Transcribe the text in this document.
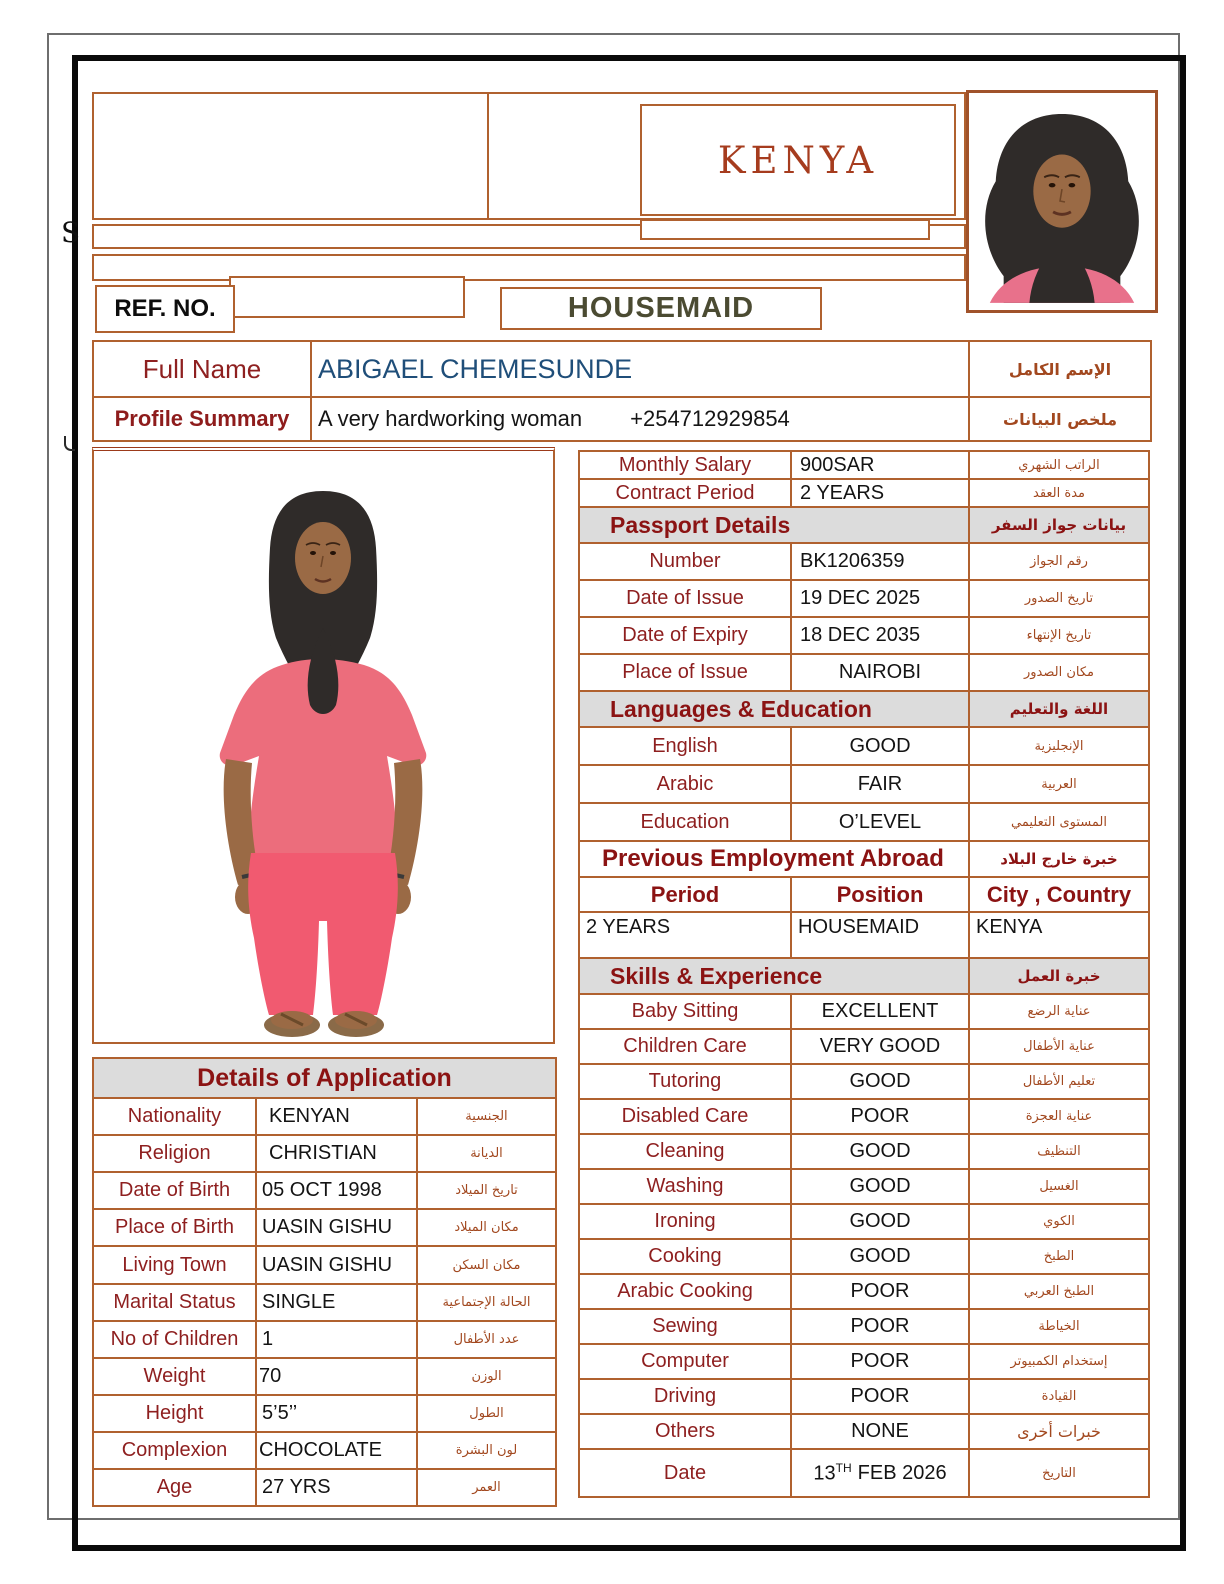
S
KENYA
REF. NO.	HOUSEMAID
Full Name	ABIGAEL CHEMESUNDE	الإسم الكامل
Profile Summary	A very hardworking woman +254712929854	ملخص البيانات
Monthly Salary	900SAR	الراتب الشهري
Contract Period	2 YEARS	مدة العقد
Passport Details		بيانات جواز السفر
Number	BK1206359	رقم الجواز
Date of Issue	19 DEC 2025	تاريخ الصدور
Date of Expiry	18 DEC 2035	تاريخ الإنتهاء
Place of Issue	NAIROBI	مكان الصدور
Languages & Education		اللغة والتعليم
English	GOOD	الإنجليزية
Arabic	FAIR	العربية
Education	O’LEVEL	المستوى التعليمي
Previous Employment Abroad		خبرة خارج البلاد
Period	Position	City , Country
2 YEARS	HOUSEMAID	KENYA
Skills & Experience		خبرة العمل
Baby Sitting	EXCELLENT	عناية الرضع
Children Care	VERY GOOD	عناية الأطفال
Tutoring	GOOD	تعليم الأطفال
Disabled Care	POOR	عناية العجزة
Cleaning	GOOD	التنظيف
Washing	GOOD	الغسيل
Ironing	GOOD	الكوي
Cooking	GOOD	الطبخ
Arabic Cooking	POOR	الطبخ العربي
Sewing	POOR	الخياطة
Computer	POOR	إستخدام الكمبيوتر
Driving	POOR	القيادة
Others	NONE	خبرات أخرى
Date	13TH FEB 2026	التاريخ
Details of Application		
Nationality	KENYAN	الجنسية
Religion	CHRISTIAN	الديانة
Date of Birth	05 OCT 1998	تاريخ الميلاد
Place of Birth	UASIN GISHU	مكان الميلاد
Living Town	UASIN GISHU	مكان السكن
Marital Status	SINGLE	الحالة الإجتماعية
No of Children	1	عدد الأطفال
Weight	70	الوزن
Height	5’5’’	الطول
Complexion	CHOCOLATE	لون البشرة
Age	27 YRS	العمر
